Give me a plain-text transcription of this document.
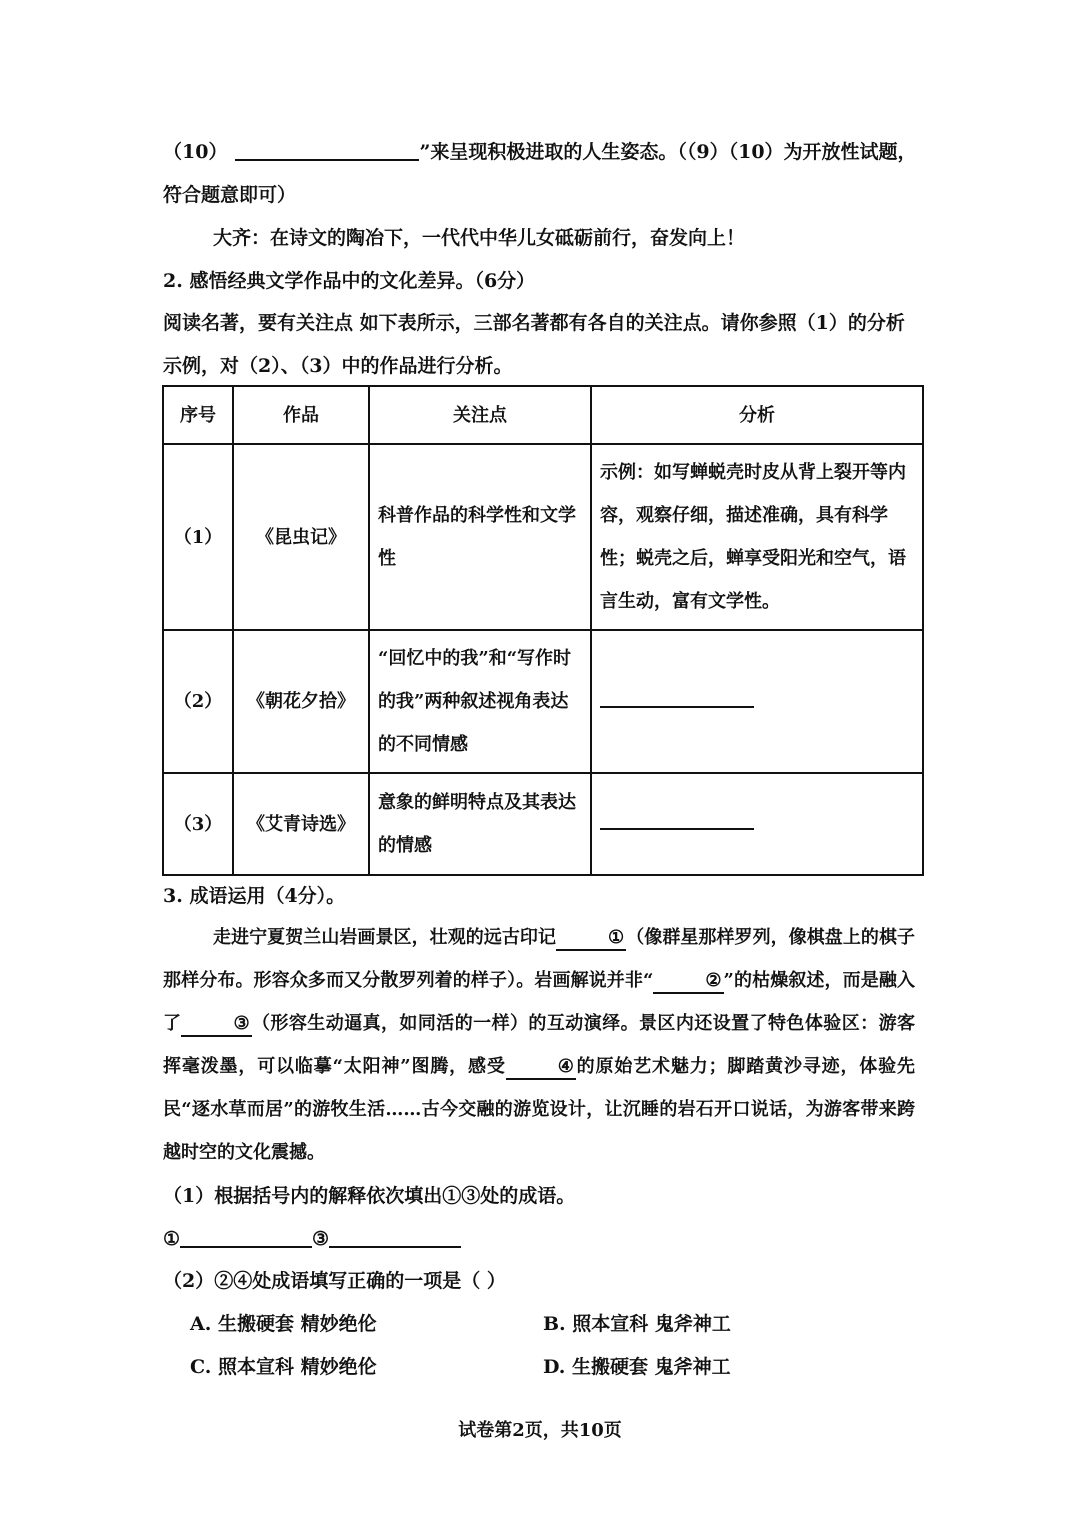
（10）	”来呈现积极进取的人生姿态。（（9）（10）为开放性试题，
符合题意即可）
大齐：在诗文的陶冶下，一代代中华儿女砥砺前行，奋发向上！
2. 感悟经典文学作品中的文化差异。（6分）
阅读名著，要有关注点 如下表所示，三部名著都有各自的关注点。请你参照（1）的分析
示例，对（2）、（3）中的作品进行分析。
序号	作品	关注点	分析
（1）	《昆虫记》	科普作品的科学性和文学性	示例：如写蝉蜕壳时皮从背上裂开等内容，观察仔细，描述准确，具有科学性；蜕壳之后，蝉享受阳光和空气，语言生动，富有文学性。
（2）	《朝花夕拾》	“回忆中的我”和“写作时的我”两种叙述视角表达的不同情感	

（3）	《艾青诗选》	意象的鲜明特点及其表达的情感	
3. 成语运用（4分）。

走进宁夏贺兰山岩画景区，壮观的远古印记	① （像群星那样罗列，像棋盘上的棋子那样分布。形容众多而又分散罗列着的样子）。岩画解说并非“	② ”的枯燥叙述，而是融入了	③ （形容生动逼真，如同活的一样）的互动演绎。景区内还设置了特色体验区：游客挥毫泼墨，可以临摹“太阳神”图腾，感受	④ 的原始艺术魅力；脚踏黄沙寻迹，体验先民“逐水草而居”的游牧生活……古今交融的游览设计，让沉睡的岩石开口说话，为游客带来跨越时空的文化震撼。

（1）根据括号内的解释依次填出①③处的成语。
①	③
（2）②④处成语填写正确的一项是（ ）
A. 生搬硬套 精妙绝伦	B. 照本宣科 鬼斧神工
C. 照本宣科 精妙绝伦	D. 生搬硬套 鬼斧神工
试卷第2页，共10页
